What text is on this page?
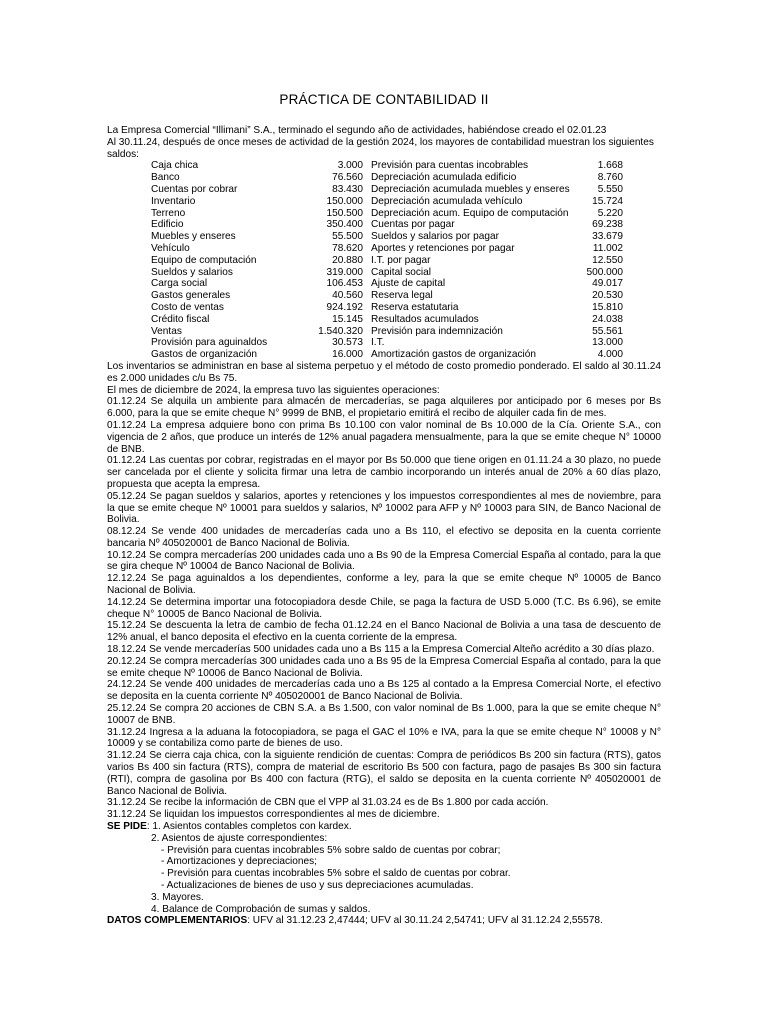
PRÁCTICA DE CONTABILIDAD II

La Empresa Comercial “Illimani” S.A., terminado el segundo año de actividades, habiéndose creado el 02.01.23

Al 30.11.24, después de once meses de actividad de la gestión 2024, los mayores de contabilidad muestran los siguientes saldos:

Caja chica	3.000 Previsión para cuentas incobrables	1.668
Banco	76.560 Depreciación acumulada edificio	8.760
Cuentas por cobrar	83.430 Depreciación acumulada muebles y enseres	5.550
Inventario	150.000 Depreciación acumulada vehículo	15.724
Terreno	150.500 Depreciación acum. Equipo de computación	5.220
Edificio	350.400 Cuentas por pagar	69.238
Muebles y enseres	55.500 Sueldos y salarios por pagar	33.679
Vehículo	78.620 Aportes y retenciones por pagar	11.002
Equipo de computación	20.880 I.T. por pagar	12.550
Sueldos y salarios	319.000 Capital social	500.000
Carga social	106.453 Ajuste de capital	49.017
Gastos generales	40.560 Reserva legal	20.530
Costo de ventas	924.192 Reserva estatutaria	15.810
Crédito fiscal	15.145 Resultados acumulados	24.038
Ventas	1.540.320 Previsión para indemnización	55.561
Provisión para aguinaldos	30.573 I.T.	13.000
Gastos de organización	16.000 Amortización gastos de organización	4.000

Los inventarios se administran en base al sistema perpetuo y el método de costo promedio ponderado. El saldo al 30.11.24 es 2.000 unidades c/u Bs 75.

El mes de diciembre de 2024, la empresa tuvo las siguientes operaciones:

01.12.24 Se alquila un ambiente para almacén de mercaderías, se paga alquileres por anticipado por 6 meses por Bs 6.000, para la que se emite cheque N° 9999 de BNB, el propietario emitirá el recibo de alquiler cada fin de mes.

01.12.24 La empresa adquiere bono con prima Bs 10.100 con valor nominal de Bs 10.000 de la Cía. Oriente S.A., con vigencia de 2 años, que produce un interés de 12% anual pagadera mensualmente, para la que se emite cheque N° 10000 de BNB.

01.12.24 Las cuentas por cobrar, registradas en el mayor por Bs 50.000 que tiene origen en 01.11.24 a 30 plazo, no puede ser cancelada por el cliente y solicita firmar una letra de cambio incorporando un interés anual de 20% a 60 días plazo, propuesta que acepta la empresa.

05.12.24 Se pagan sueldos y salarios, aportes y retenciones y los impuestos correspondientes al mes de noviembre, para la que se emite cheque Nº 10001 para sueldos y salarios, Nº 10002 para AFP y Nº 10003 para SIN, de Banco Nacional de Bolivia.

08.12.24 Se vende 400 unidades de mercaderías cada uno a Bs 110, el efectivo se deposita en la cuenta corriente bancaria Nº 405020001 de Banco Nacional de Bolivia.

10.12.24 Se compra mercaderías 200 unidades cada uno a Bs 90 de la Empresa Comercial España al contado, para la que se gira cheque Nº 10004 de Banco Nacional de Bolivia.

12.12.24 Se paga aguinaldos a los dependientes, conforme a ley, para la que se emite cheque Nº 10005 de Banco Nacional de Bolivia.

14.12.24 Se determina importar una fotocopiadora desde Chile, se paga la factura de USD 5.000 (T.C. Bs 6.96), se emite cheque N° 10005 de Banco Nacional de Bolivia.

15.12.24 Se descuenta la letra de cambio de fecha 01.12.24 en el Banco Nacional de Bolivia a una tasa de descuento de 12% anual, el banco deposita el efectivo en la cuenta corriente de la empresa.

18.12.24 Se vende mercaderías 500 unidades cada uno a Bs 115 a la Empresa Comercial Alteño acrédito a 30 días plazo.

20.12.24 Se compra mercaderías 300 unidades cada uno a Bs 95 de la Empresa Comercial España al contado, para la que se emite cheque Nº 10006 de Banco Nacional de Bolivia.

24.12.24 Se vende 400 unidades de mercaderías cada uno a Bs 125 al contado a la Empresa Comercial Norte, el efectivo se deposita en la cuenta corriente Nº 405020001 de Banco Nacional de Bolivia.

25.12.24 Se compra 20 acciones de CBN S.A. a Bs 1.500, con valor nominal de Bs 1.000, para la que se emite cheque N° 10007 de BNB.

31.12.24 Ingresa a la aduana la fotocopiadora, se paga el GAC el 10% e IVA, para la que se emite cheque N° 10008 y N° 10009 y se contabiliza como parte de bienes de uso.

31.12.24 Se cierra caja chica, con la siguiente rendición de cuentas: Compra de periódicos Bs 200 sin factura (RTS), gatos varios Bs 400 sin factura (RTS), compra de material de escritorio Bs 500 con factura, pago de pasajes Bs 300 sin factura (RTI), compra de gasolina por Bs 400 con factura (RTG), el saldo se deposita en la cuenta corriente Nº 405020001 de Banco Nacional de Bolivia.

31.12.24 Se recibe la información de CBN que el VPP al 31.03.24 es de Bs 1.800 por cada acción.

31.12.24 Se liquidan los impuestos correspondientes al mes de diciembre.

SE PIDE: 1. Asientos contables completos con kardex.

2. Asientos de ajuste correspondientes:

- Previsión para cuentas incobrables 5% sobre saldo de cuentas por cobrar;

- Amortizaciones y depreciaciones;

- Previsión para cuentas incobrables 5% sobre el saldo de cuentas por cobrar.

- Actualizaciones de bienes de uso y sus depreciaciones acumuladas.

3. Mayores.

4. Balance de Comprobación de sumas y saldos.

DATOS COMPLEMENTARIOS: UFV al 31.12.23 2,47444; UFV al 30.11.24 2,54741; UFV al 31.12.24 2,55578.
